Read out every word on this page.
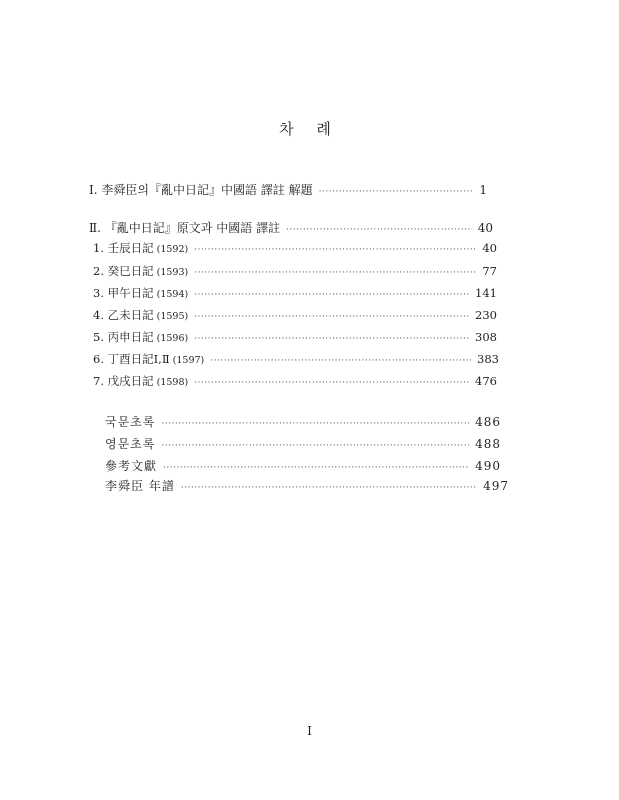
차 례
Ⅰ. 李舜臣의『亂中日記』中國語 譯註 解題 ·····	1
Ⅱ. 『亂中日記』原文과 中國語 譯註 ·····	40
1. 壬辰日記 (1592) ·····	40
2. 癸巳日記 (1593) ·····	77
3. 甲午日記 (1594) ·····	141
4. 乙未日記 (1595) ·····	230
5. 丙申日記 (1596) ·····	308
6. 丁酉日記Ⅰ,Ⅱ (1597) ·····	383
7. 戊戌日記 (1598) ·····	476
국문초록 ·····	486
영문초록 ·····	488
參考文獻 ·····	490
李舜臣 年譜 ·····	497
I
